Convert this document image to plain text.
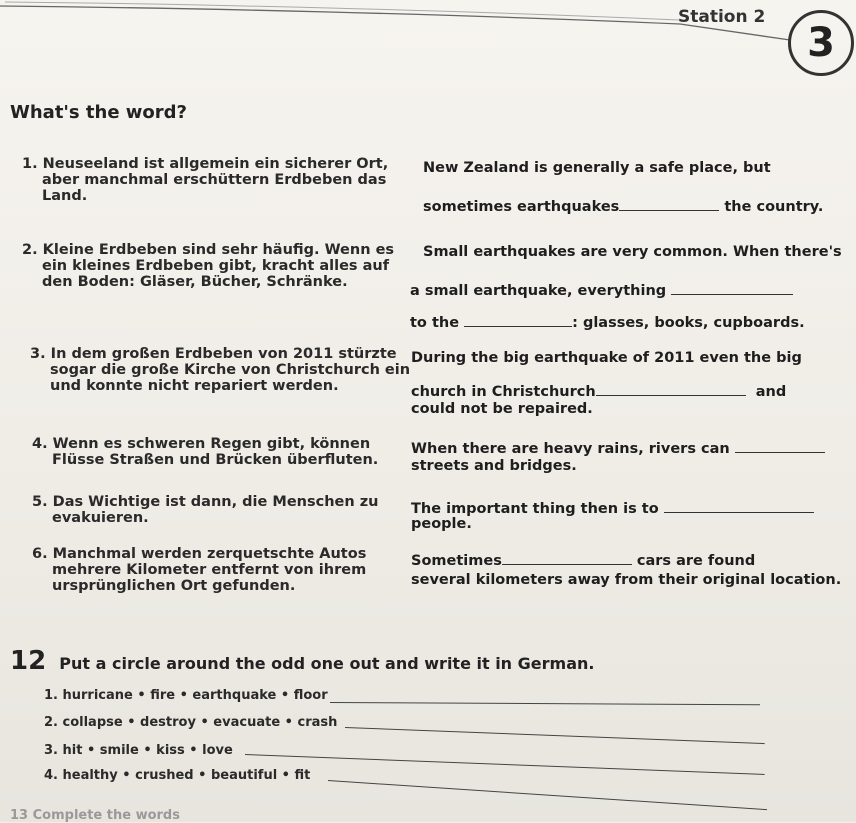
Station 2
3
What's the word?
1. Neuseeland ist allgemein ein sicherer Ort,
aber manchmal erschüttern Erdbeben das
Land.
New Zealand is generally a safe place, but
sometimes earthquakes	the country.
2. Kleine Erdbeben sind sehr häufig. Wenn es
ein kleines Erdbeben gibt, kracht alles auf
den Boden: Gläser, Bücher, Schränke.
Small earthquakes are very common. When there's
a small earthquake, everything
to the	: glasses, books, cupboards.
3. In dem großen Erdbeben von 2011 stürzte
sogar die große Kirche von Christchurch ein
und konnte nicht repariert werden.
During the big earthquake of 2011 even the big
church in Christchurch	and
could not be repaired.
4. Wenn es schweren Regen gibt, können
Flüsse Straßen und Brücken überfluten.
When there are heavy rains, rivers can
streets and bridges.
5. Das Wichtige ist dann, die Menschen zu
evakuieren.
The important thing then is to
people.
6. Manchmal werden zerquetschte Autos
mehrere Kilometer entfernt von ihrem
ursprünglichen Ort gefunden.
Sometimes	cars are found
several kilometers away from their original location.
12 Put a circle around the odd one out and write it in German.
1. hurricane • fire • earthquake • floor
2. collapse • destroy • evacuate • crash
3. hit • smile • kiss • love
4. healthy • crushed • beautiful • fit
13 Complete the words
